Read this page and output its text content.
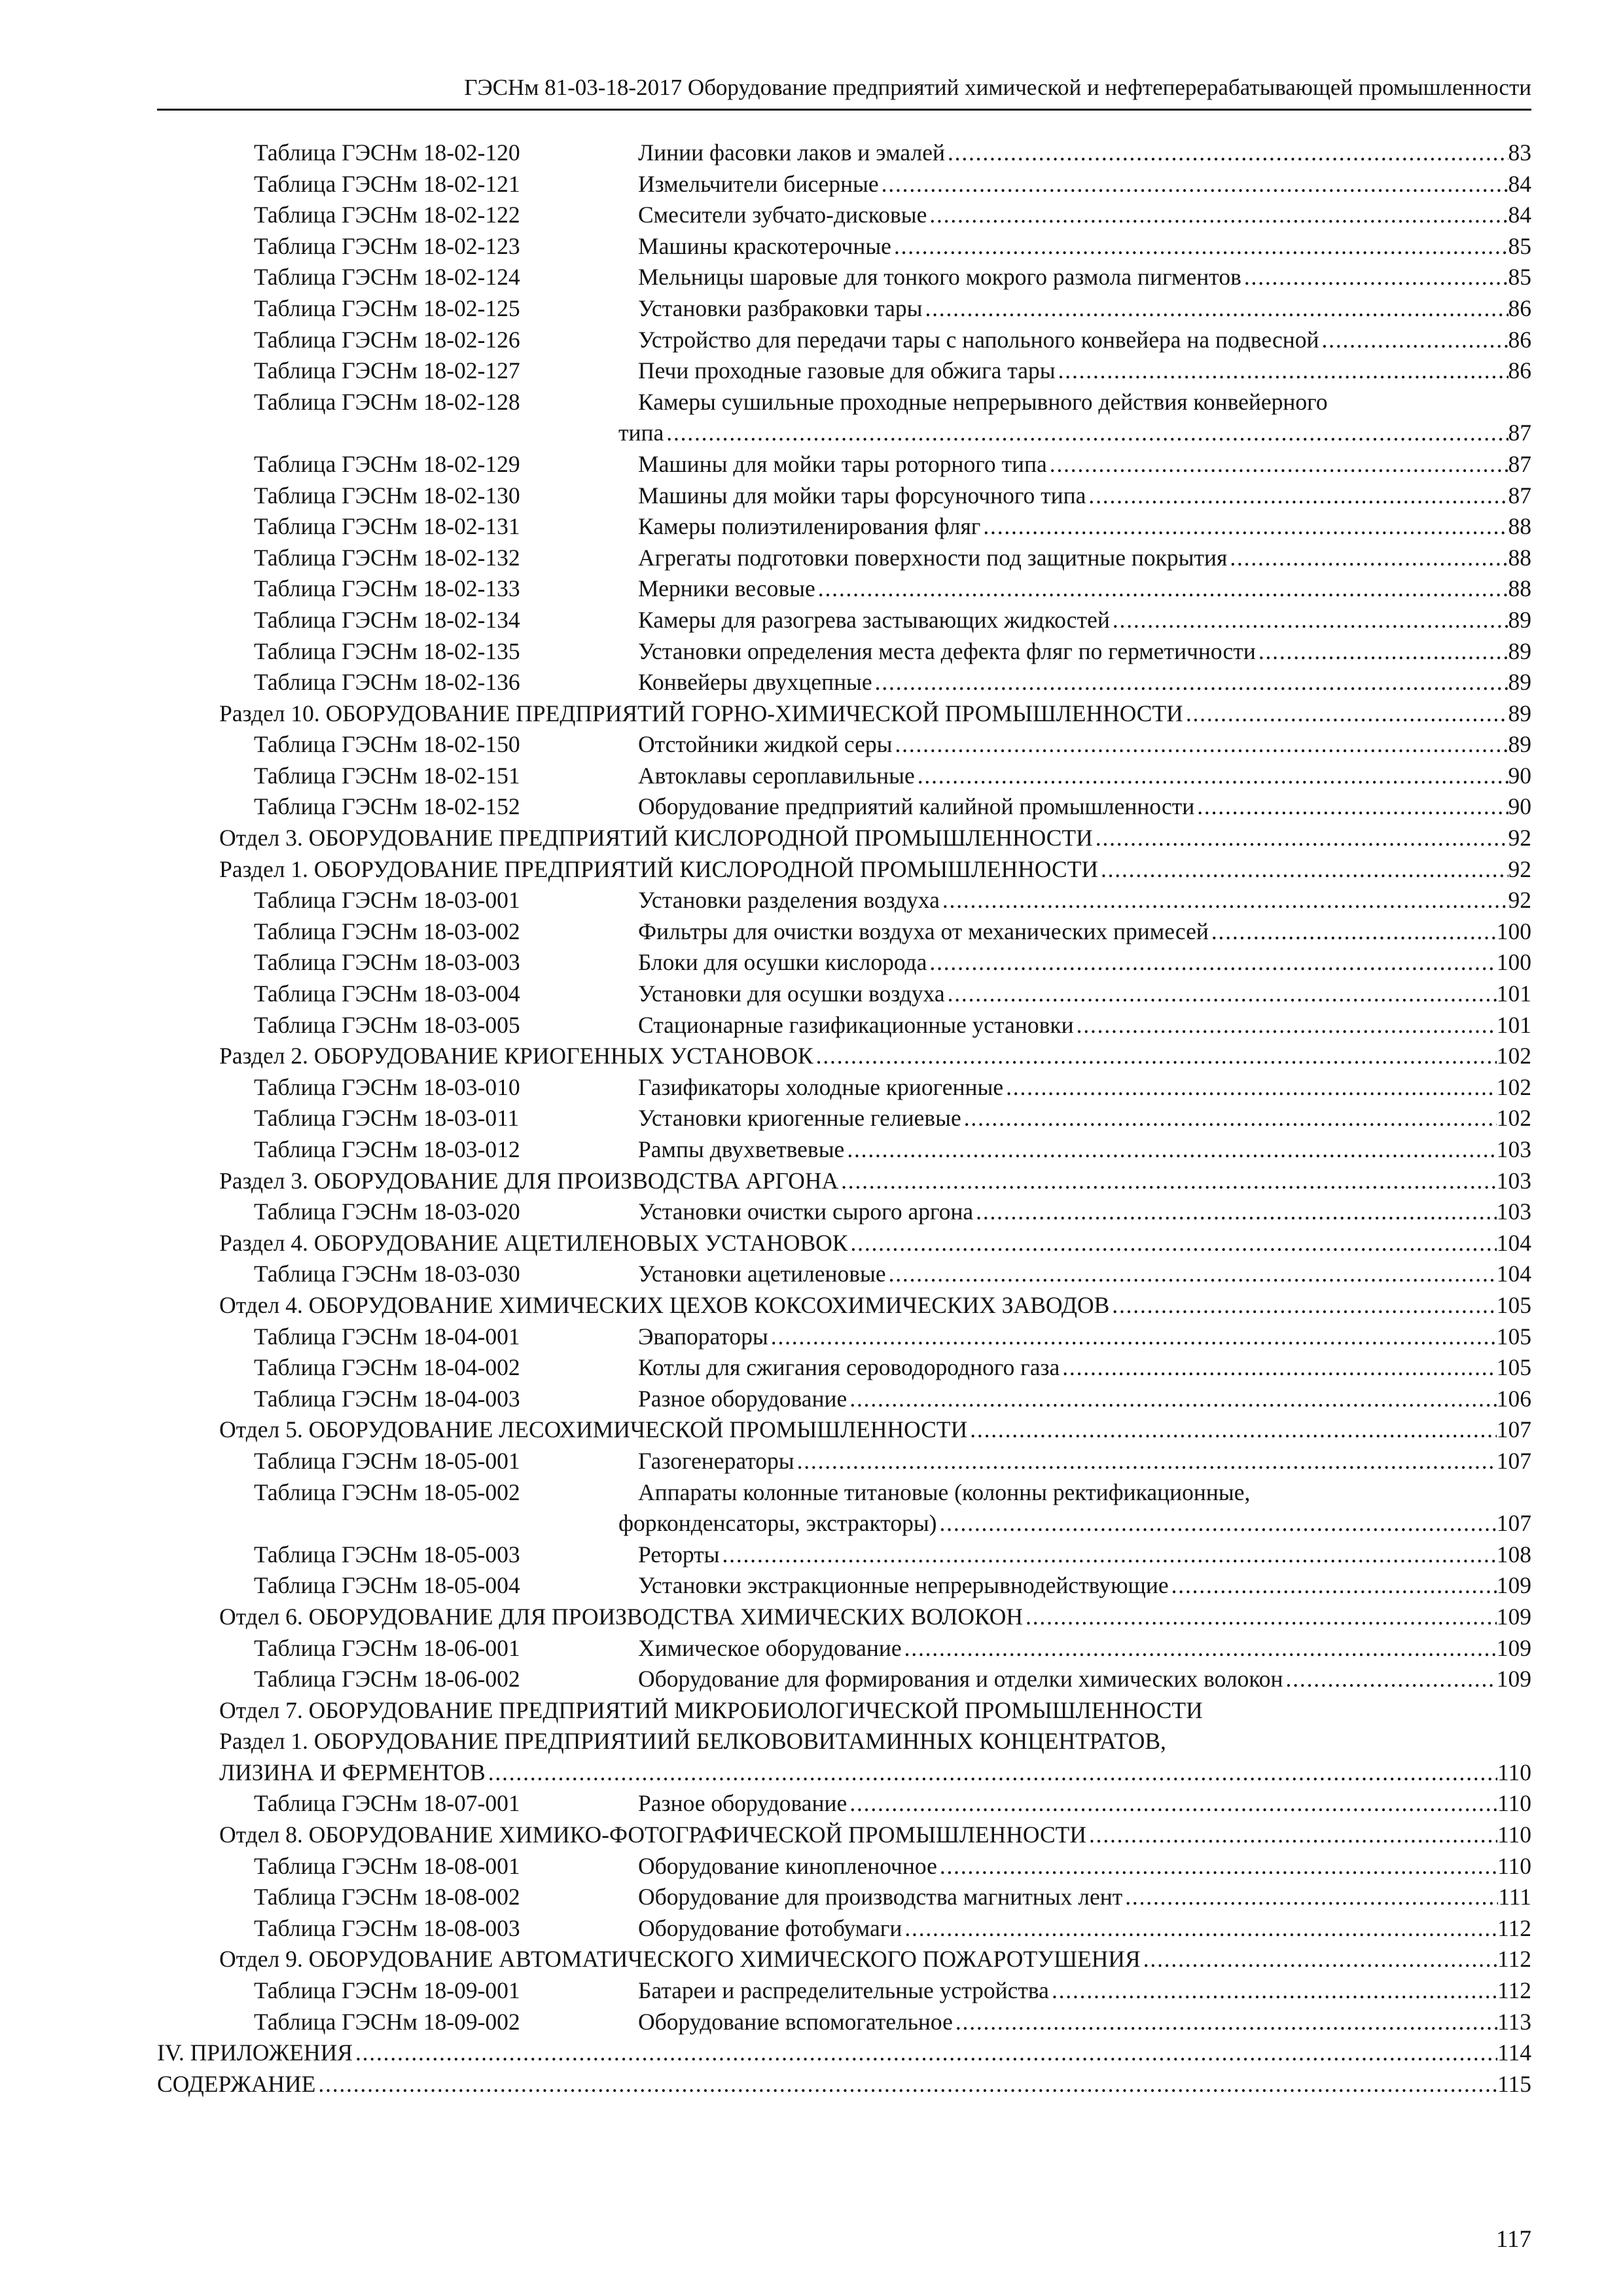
ГЭСНм 81-03-18-2017 Оборудование предприятий химической и нефтеперерабатывающей промышленности
Таблица ГЭСНм 18-02-120	Линии фасовки лаков и эмалей .....	83
Таблица ГЭСНм 18-02-121	Измельчители бисерные .....	84
Таблица ГЭСНм 18-02-122	Смесители зубчато-дисковые .....	84
Таблица ГЭСНм 18-02-123	Машины краскотерочные .....	85
Таблица ГЭСНм 18-02-124	Мельницы шаровые для тонкого мокрого размола пигментов .....	85
Таблица ГЭСНм 18-02-125	Установки разбраковки тары .....	86
Таблица ГЭСНм 18-02-126	Устройство для передачи тары с напольного конвейера на подвесной .....	86
Таблица ГЭСНм 18-02-127	Печи проходные газовые для обжига тары .....	86
Таблица ГЭСНм 18-02-128	Камеры сушильные проходные непрерывного действия конвейерного
типа .....	87
Таблица ГЭСНм 18-02-129	Машины для мойки тары роторного типа .....	87
Таблица ГЭСНм 18-02-130	Машины для мойки тары форсуночного типа .....	87
Таблица ГЭСНм 18-02-131	Камеры полиэтиленирования фляг .....	88
Таблица ГЭСНм 18-02-132	Агрегаты подготовки поверхности под защитные покрытия .....	88
Таблица ГЭСНм 18-02-133	Мерники весовые .....	88
Таблица ГЭСНм 18-02-134	Камеры для разогрева застывающих жидкостей .....	89
Таблица ГЭСНм 18-02-135	Установки определения места дефекта фляг по герметичности .....	89
Таблица ГЭСНм 18-02-136	Конвейеры двухцепные .....	89
Раздел 10. ОБОРУДОВАНИЕ ПРЕДПРИЯТИЙ ГОРНО-ХИМИЧЕСКОЙ ПРОМЫШЛЕННОСТИ .....	89
Таблица ГЭСНм 18-02-150	Отстойники жидкой серы .....	89
Таблица ГЭСНм 18-02-151	Автоклавы сероплавильные .....	90
Таблица ГЭСНм 18-02-152	Оборудование предприятий калийной промышленности .....	90
Отдел 3. ОБОРУДОВАНИЕ ПРЕДПРИЯТИЙ КИСЛОРОДНОЙ ПРОМЫШЛЕННОСТИ .....	92
Раздел 1. ОБОРУДОВАНИЕ ПРЕДПРИЯТИЙ КИСЛОРОДНОЙ ПРОМЫШЛЕННОСТИ .....	92
Таблица ГЭСНм 18-03-001	Установки разделения воздуха .....	92
Таблица ГЭСНм 18-03-002	Фильтры для очистки воздуха от механических примесей .....	100
Таблица ГЭСНм 18-03-003	Блоки для осушки кислорода .....	100
Таблица ГЭСНм 18-03-004	Установки для осушки воздуха .....	101
Таблица ГЭСНм 18-03-005	Стационарные газификационные установки .....	101
Раздел 2. ОБОРУДОВАНИЕ КРИОГЕННЫХ УСТАНОВОК .....	102
Таблица ГЭСНм 18-03-010	Газификаторы холодные криогенные .....	102
Таблица ГЭСНм 18-03-011	Установки криогенные гелиевые .....	102
Таблица ГЭСНм 18-03-012	Рампы двухветвевые .....	103
Раздел 3. ОБОРУДОВАНИЕ ДЛЯ ПРОИЗВОДСТВА АРГОНА .....	103
Таблица ГЭСНм 18-03-020	Установки очистки сырого аргона .....	103
Раздел 4. ОБОРУДОВАНИЕ АЦЕТИЛЕНОВЫХ УСТАНОВОК .....	104
Таблица ГЭСНм 18-03-030	Установки ацетиленовые .....	104
Отдел 4. ОБОРУДОВАНИЕ ХИМИЧЕСКИХ ЦЕХОВ КОКСОХИМИЧЕСКИХ ЗАВОДОВ .....	105
Таблица ГЭСНм 18-04-001	Эвапораторы .....	105
Таблица ГЭСНм 18-04-002	Котлы для сжигания сероводородного газа .....	105
Таблица ГЭСНм 18-04-003	Разное оборудование .....	106
Отдел 5. ОБОРУДОВАНИЕ ЛЕСОХИМИЧЕСКОЙ ПРОМЫШЛЕННОСТИ .....	107
Таблица ГЭСНм 18-05-001	Газогенераторы .....	107
Таблица ГЭСНм 18-05-002	Аппараты колонные титановые (колонны ректификационные,
форконденсаторы, экстракторы) .....	107
Таблица ГЭСНм 18-05-003	Реторты .....	108
Таблица ГЭСНм 18-05-004	Установки экстракционные непрерывнодействующие .....	109
Отдел 6. ОБОРУДОВАНИЕ ДЛЯ ПРОИЗВОДСТВА ХИМИЧЕСКИХ ВОЛОКОН .....	109
Таблица ГЭСНм 18-06-001	Химическое оборудование .....	109
Таблица ГЭСНм 18-06-002	Оборудование для формирования и отделки химических волокон .....	109
Отдел 7. ОБОРУДОВАНИЕ ПРЕДПРИЯТИЙ МИКРОБИОЛОГИЧЕСКОЙ ПРОМЫШЛЕННОСТИ
Раздел 1. ОБОРУДОВАНИЕ ПРЕДПРИЯТИИЙ БЕЛКОВОВИТАМИННЫХ КОНЦЕНТРАТОВ,
ЛИЗИНА И ФЕРМЕНТОВ .....	110
Таблица ГЭСНм 18-07-001	Разное оборудование .....	110
Отдел 8. ОБОРУДОВАНИЕ ХИМИКО-ФОТОГРАФИЧЕСКОЙ ПРОМЫШЛЕННОСТИ .....	110
Таблица ГЭСНм 18-08-001	Оборудование кинопленочное .....	110
Таблица ГЭСНм 18-08-002	Оборудование для производства магнитных лент .....	111
Таблица ГЭСНм 18-08-003	Оборудование фотобумаги .....	112
Отдел 9. ОБОРУДОВАНИЕ АВТОМАТИЧЕСКОГО ХИМИЧЕСКОГО ПОЖАРОТУШЕНИЯ .....	112
Таблица ГЭСНм 18-09-001	Батареи и распределительные устройства .....	112
Таблица ГЭСНм 18-09-002	Оборудование вспомогательное .....	113
IV. ПРИЛОЖЕНИЯ .....	114
СОДЕРЖАНИЕ .....	115
117
